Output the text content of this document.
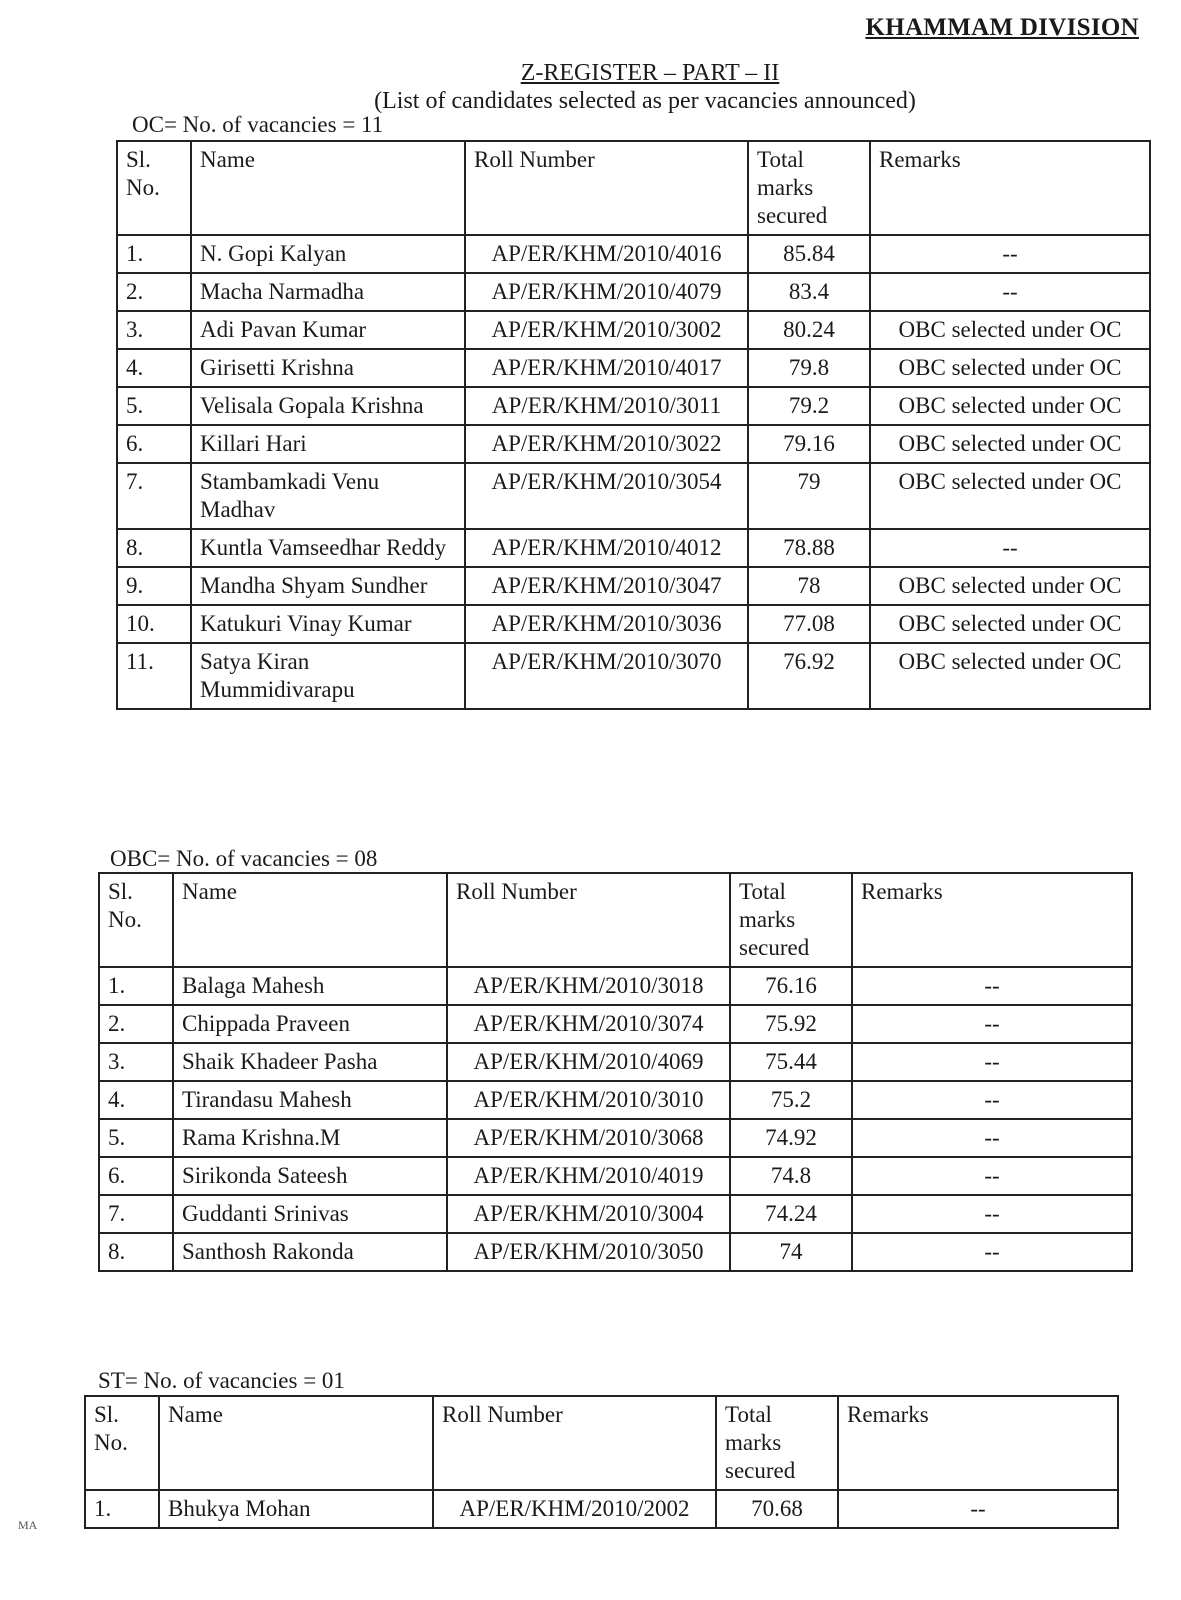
KHAMMAM DIVISION
Z-REGISTER – PART – II
(List of candidates selected as per vacancies announced)
OC= No. of vacancies = 11
Sl. No.	Name	Roll Number	Total marks secured	Remarks
1.	N. Gopi Kalyan	AP/ER/KHM/2010/4016	85.84	--
2.	Macha Narmadha	AP/ER/KHM/2010/4079	83.4	--
3.	Adi Pavan Kumar	AP/ER/KHM/2010/3002	80.24	OBC selected under OC
4.	Girisetti Krishna	AP/ER/KHM/2010/4017	79.8	OBC selected under OC
5.	Velisala Gopala Krishna	AP/ER/KHM/2010/3011	79.2	OBC selected under OC
6.	Killari Hari	AP/ER/KHM/2010/3022	79.16	OBC selected under OC
7.	Stambamkadi Venu Madhav	AP/ER/KHM/2010/3054	79	OBC selected under OC
8.	Kuntla Vamseedhar Reddy	AP/ER/KHM/2010/4012	78.88	--
9.	Mandha Shyam Sundher	AP/ER/KHM/2010/3047	78	OBC selected under OC
10.	Katukuri Vinay Kumar	AP/ER/KHM/2010/3036	77.08	OBC selected under OC
11.	Satya Kiran Mummidivarapu	AP/ER/KHM/2010/3070	76.92	OBC selected under OC
OBC= No. of vacancies = 08
Sl. No.	Name	Roll Number	Total marks secured	Remarks
1.	Balaga Mahesh	AP/ER/KHM/2010/3018	76.16	--
2.	Chippada Praveen	AP/ER/KHM/2010/3074	75.92	--
3.	Shaik Khadeer Pasha	AP/ER/KHM/2010/4069	75.44	--
4.	Tirandasu Mahesh	AP/ER/KHM/2010/3010	75.2	--
5.	Rama Krishna.M	AP/ER/KHM/2010/3068	74.92	--
6.	Sirikonda Sateesh	AP/ER/KHM/2010/4019	74.8	--
7.	Guddanti Srinivas	AP/ER/KHM/2010/3004	74.24	--
8.	Santhosh Rakonda	AP/ER/KHM/2010/3050	74	--
ST= No. of vacancies = 01
Sl. No.	Name	Roll Number	Total marks secured	Remarks
1.	Bhukya Mohan	AP/ER/KHM/2010/2002	70.68	--
MA
